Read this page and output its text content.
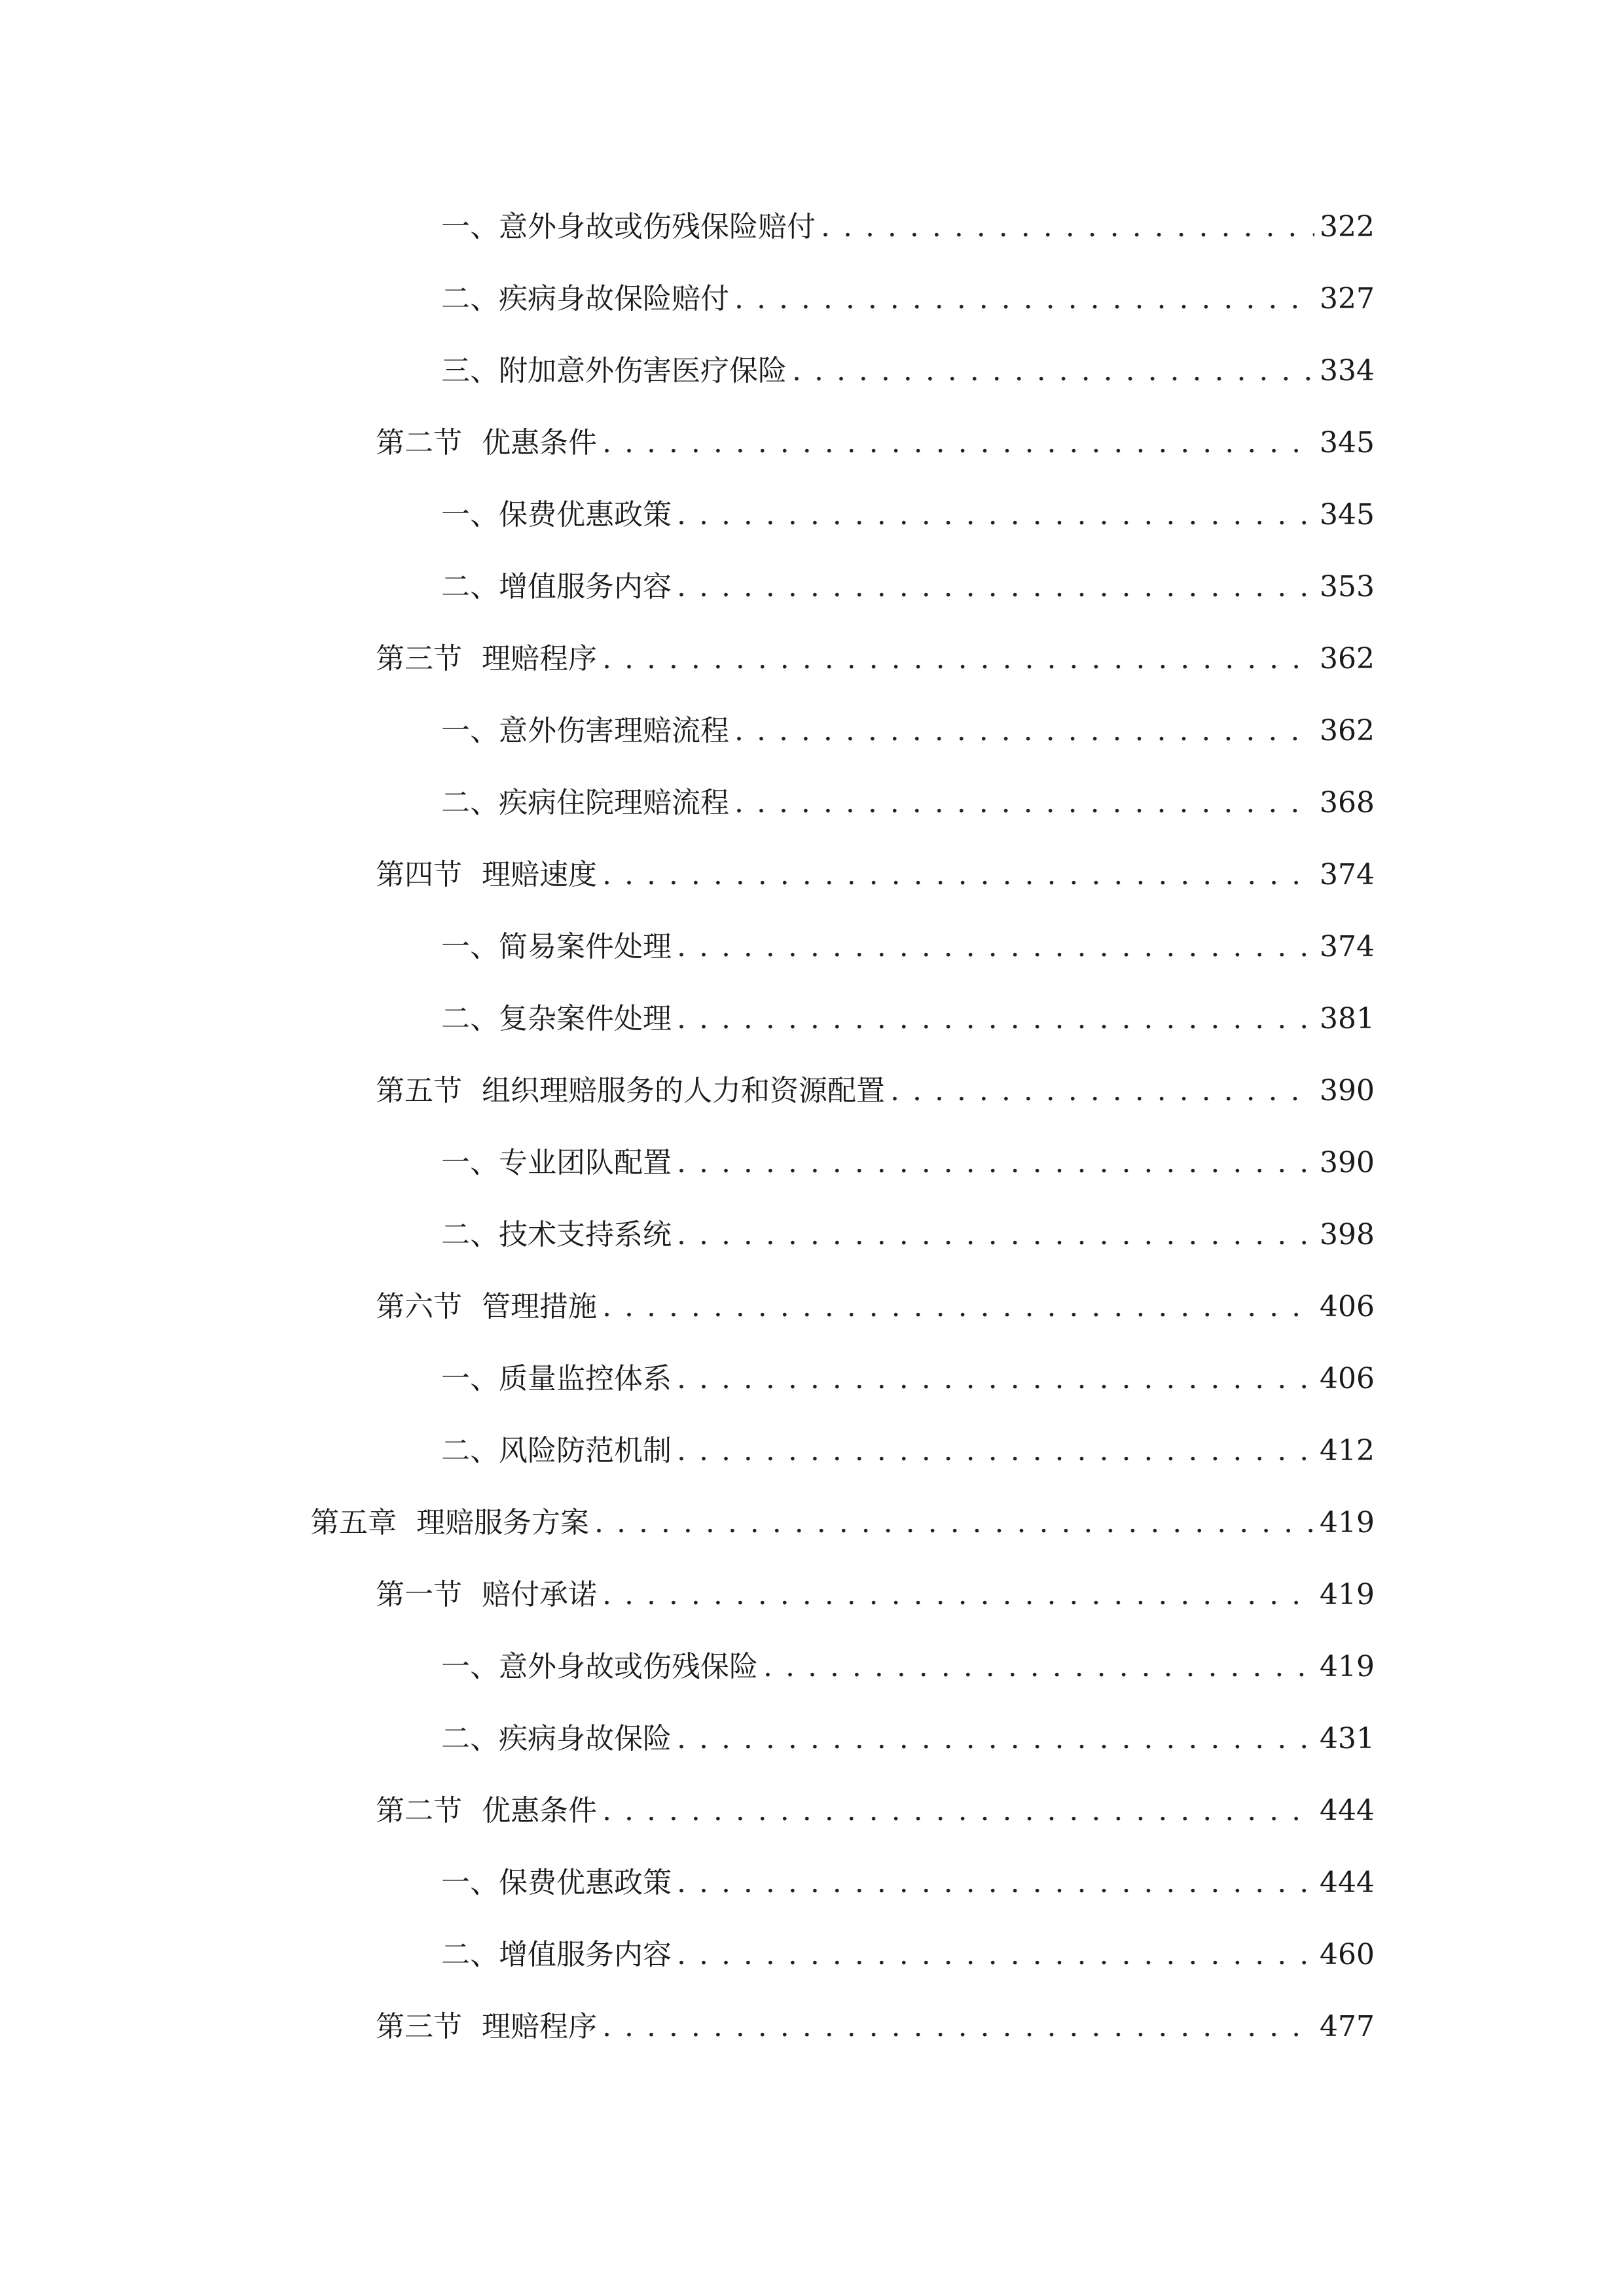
一、 意外身故或伤残保险赔付 . . .	322
二、 疾病身故保险赔付 . . .	327
三、 附加意外伤害医疗保险 . . .	334
第二节 优惠条件 . . .	345
一、 保费优惠政策 . . .	345
二、 增值服务内容 . . .	353
第三节 理赔程序 . . .	362
一、 意外伤害理赔流程 . . .	362
二、 疾病住院理赔流程 . . .	368
第四节 理赔速度 . . .	374
一、 简易案件处理 . . .	374
二、 复杂案件处理 . . .	381
第五节 组织理赔服务的人力和资源配置 . . .	390
一、 专业团队配置 . . .	390
二、 技术支持系统 . . .	398
第六节 管理措施 . . .	406
一、 质量监控体系 . . .	406
二、 风险防范机制 . . .	412
第五章 理赔服务方案 . . .	419
第一节 赔付承诺 . . .	419
一、 意外身故或伤残保险 . . .	419
二、 疾病身故保险 . . .	431
第二节 优惠条件 . . .	444
一、 保费优惠政策 . . .	444
二、 增值服务内容 . . .	460
第三节 理赔程序 . . .	477
